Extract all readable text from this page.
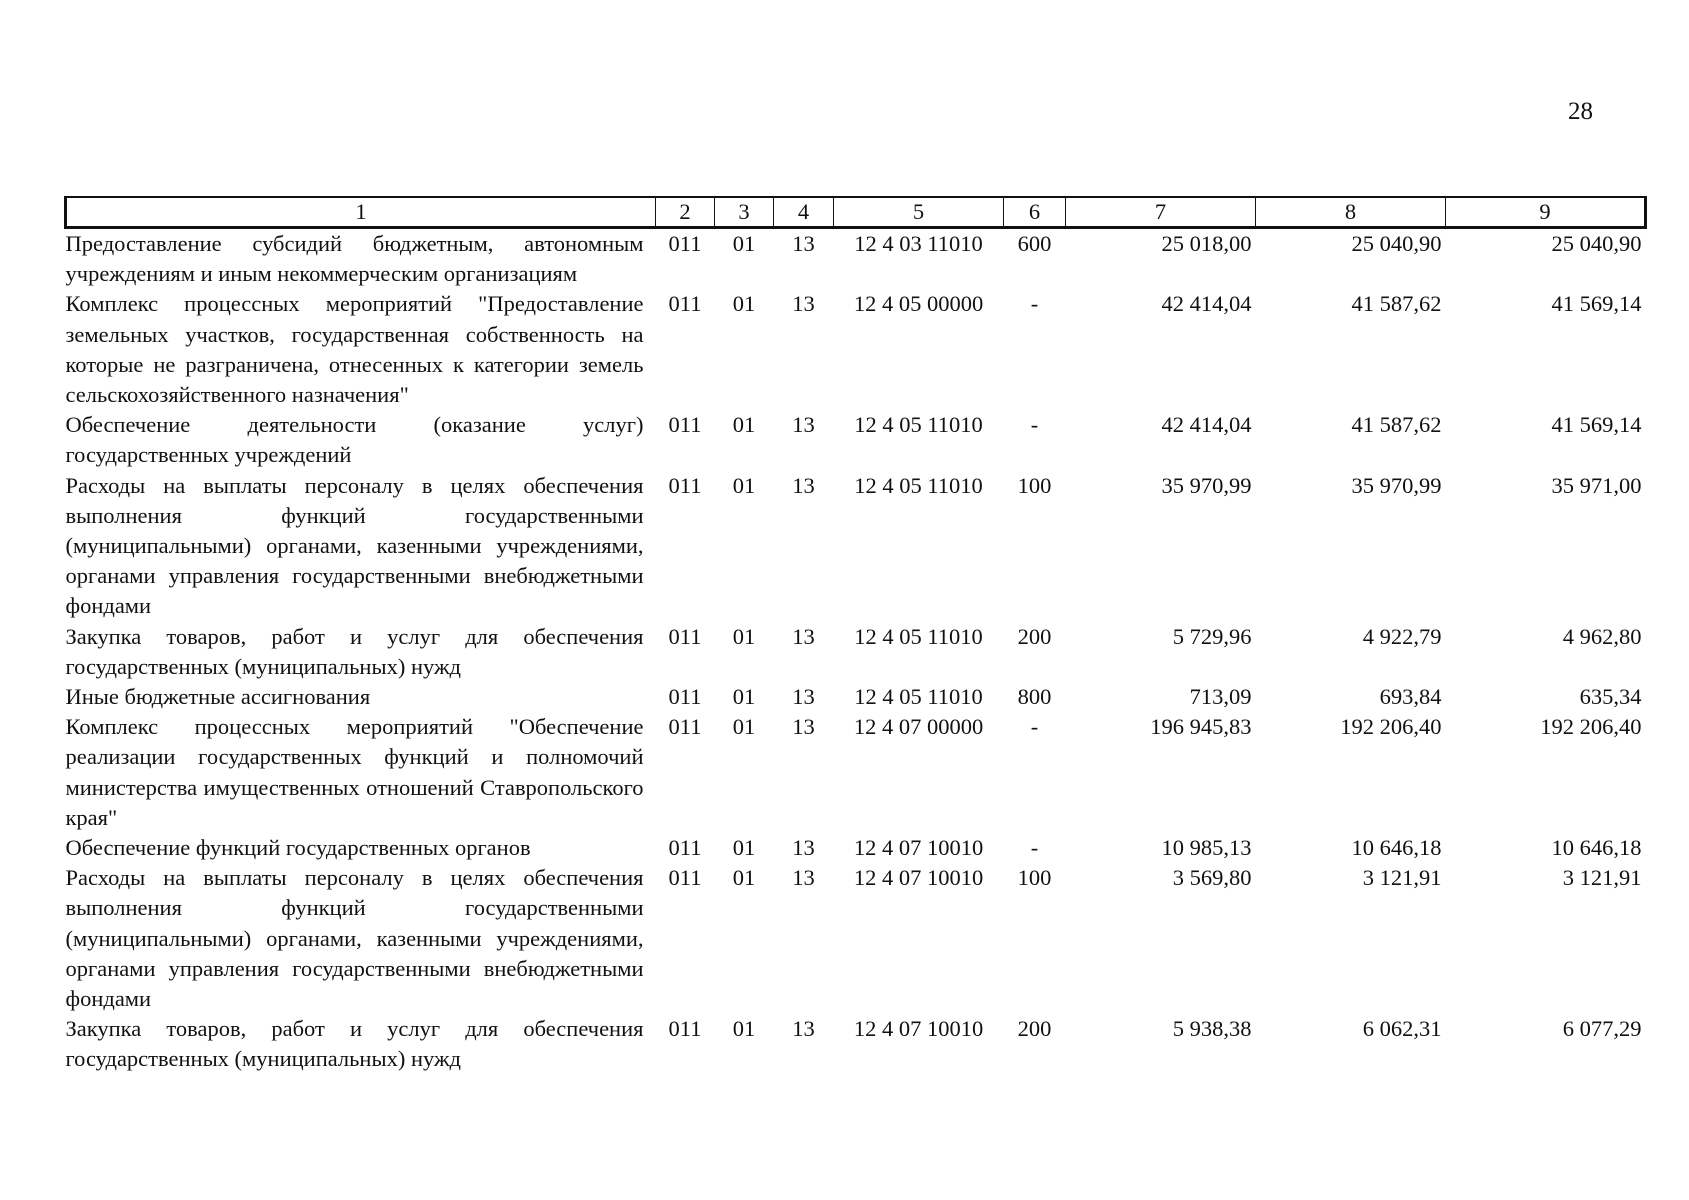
28
1	2	3	4	5	6	7	8	9
Предоставление субсидий бюджетным, автономным учреждениям и иным некоммерческим организациям	011	01	13	12 4 03 11010	600	25 018,00	25 040,90	25 040,90
Комплекс процессных мероприятий "Предоставление земельных участков, государственная собственность на которые не разграничена, отнесенных к категории земель сельскохозяйственного назначения"	011	01	13	12 4 05 00000	-	42 414,04	41 587,62	41 569,14
Обеспечение деятельности (оказание услуг) государственных учреждений	011	01	13	12 4 05 11010	-	42 414,04	41 587,62	41 569,14
Расходы на выплаты персоналу в целях обеспечения выполнения функций государственными (муниципальными) органами, казенными учреждениями, органами управления государственными внебюджетными фондами	011	01	13	12 4 05 11010	100	35 970,99	35 970,99	35 971,00
Закупка товаров, работ и услуг для обеспечения государственных (муниципальных) нужд	011	01	13	12 4 05 11010	200	5 729,96	4 922,79	4 962,80
Иные бюджетные ассигнования	011	01	13	12 4 05 11010	800	713,09	693,84	635,34
Комплекс процессных мероприятий "Обеспечение реализации государственных функций и полномочий министерства имущественных отношений Ставропольского края"	011	01	13	12 4 07 00000	-	196 945,83	192 206,40	192 206,40
Обеспечение функций государственных органов	011	01	13	12 4 07 10010	-	10 985,13	10 646,18	10 646,18
Расходы на выплаты персоналу в целях обеспечения выполнения функций государственными (муниципальными) органами, казенными учреждениями, органами управления государственными внебюджетными фондами	011	01	13	12 4 07 10010	100	3 569,80	3 121,91	3 121,91
Закупка товаров, работ и услуг для обеспечения государственных (муниципальных) нужд	011	01	13	12 4 07 10010	200	5 938,38	6 062,31	6 077,29
